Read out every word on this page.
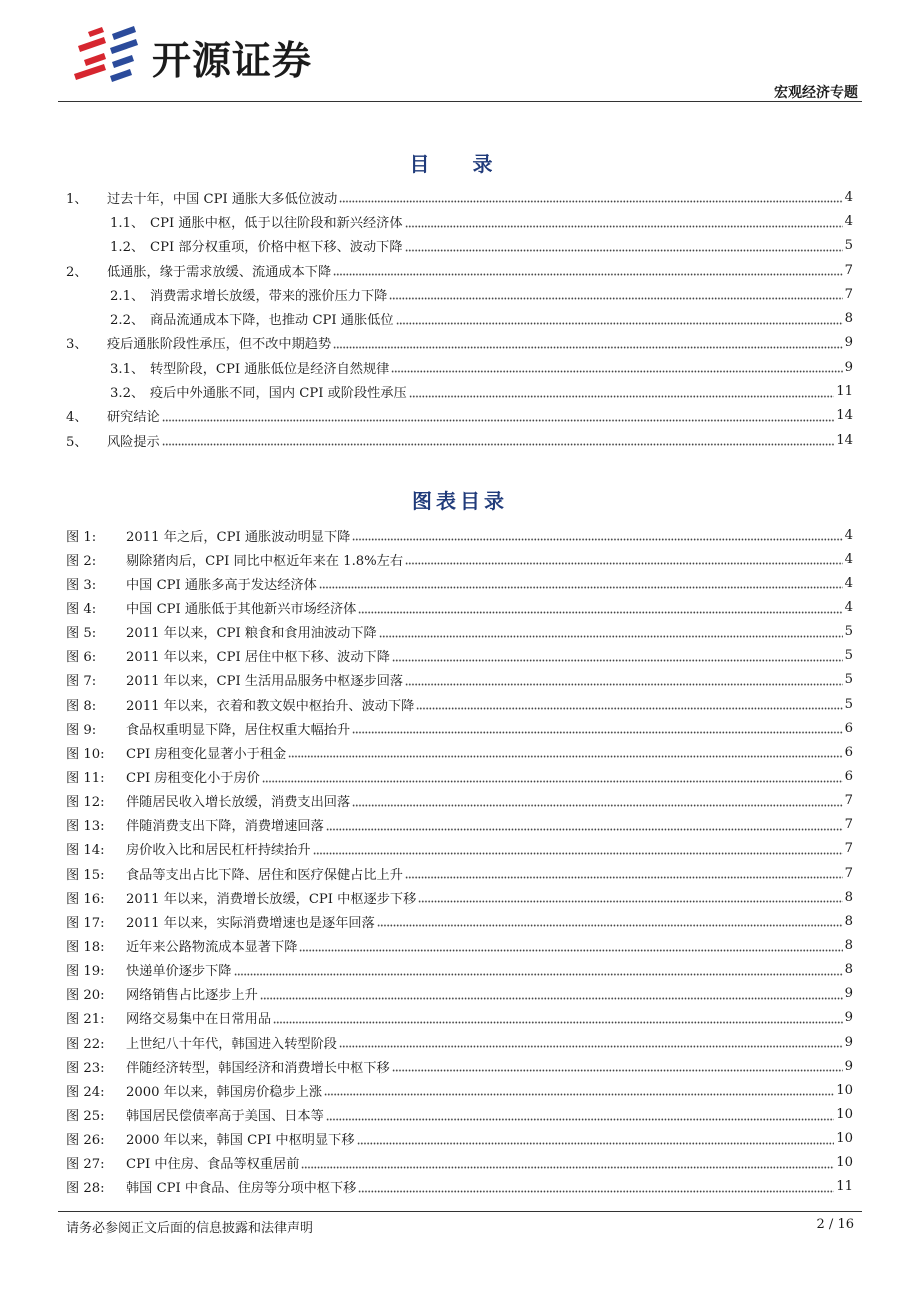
开源证券
宏观经济专题
目 录
1、	过去十年，中国 CPI 通胀大多低位波动	4
1.1、 CPI 通胀中枢，低于以往阶段和新兴经济体	4
1.2、 CPI 部分权重项，价格中枢下移、波动下降	5
2、	低通胀，缘于需求放缓、流通成本下降	7
2.1、 消费需求增长放缓，带来的涨价压力下降	7
2.2、 商品流通成本下降，也推动 CPI 通胀低位	8
3、	疫后通胀阶段性承压，但不改中期趋势	9
3.1、 转型阶段，CPI 通胀低位是经济自然规律	9
3.2、 疫后中外通胀不同，国内 CPI 或阶段性承压	11
4、	研究结论	14
5、	风险提示	14
图表目录
图 1:	2011 年之后，CPI 通胀波动明显下降	4
图 2:	剔除猪肉后，CPI 同比中枢近年来在 1.8%左右	4
图 3:	中国 CPI 通胀多高于发达经济体	4
图 4:	中国 CPI 通胀低于其他新兴市场经济体	4
图 5:	2011 年以来，CPI 粮食和食用油波动下降	5
图 6:	2011 年以来，CPI 居住中枢下移、波动下降	5
图 7:	2011 年以来，CPI 生活用品服务中枢逐步回落	5
图 8:	2011 年以来，衣着和教文娱中枢抬升、波动下降	5
图 9:	食品权重明显下降，居住权重大幅抬升	6
图 10:	CPI 房租变化显著小于租金	6
图 11:	CPI 房租变化小于房价	6
图 12:	伴随居民收入增长放缓，消费支出回落	7
图 13:	伴随消费支出下降，消费增速回落	7
图 14:	房价收入比和居民杠杆持续抬升	7
图 15:	食品等支出占比下降、居住和医疗保健占比上升	7
图 16:	2011 年以来，消费增长放缓，CPI 中枢逐步下移	8
图 17:	2011 年以来，实际消费增速也是逐年回落	8
图 18:	近年来公路物流成本显著下降	8
图 19:	快递单价逐步下降	8
图 20:	网络销售占比逐步上升	9
图 21:	网络交易集中在日常用品	9
图 22:	上世纪八十年代，韩国进入转型阶段	9
图 23:	伴随经济转型，韩国经济和消费增长中枢下移	9
图 24:	2000 年以来，韩国房价稳步上涨	10
图 25:	韩国居民偿债率高于美国、日本等	10
图 26:	2000 年以来，韩国 CPI 中枢明显下移	10
图 27:	CPI 中住房、食品等权重居前	10
图 28:	韩国 CPI 中食品、住房等分项中枢下移	11
请务必参阅正文后面的信息披露和法律声明	2 / 16
